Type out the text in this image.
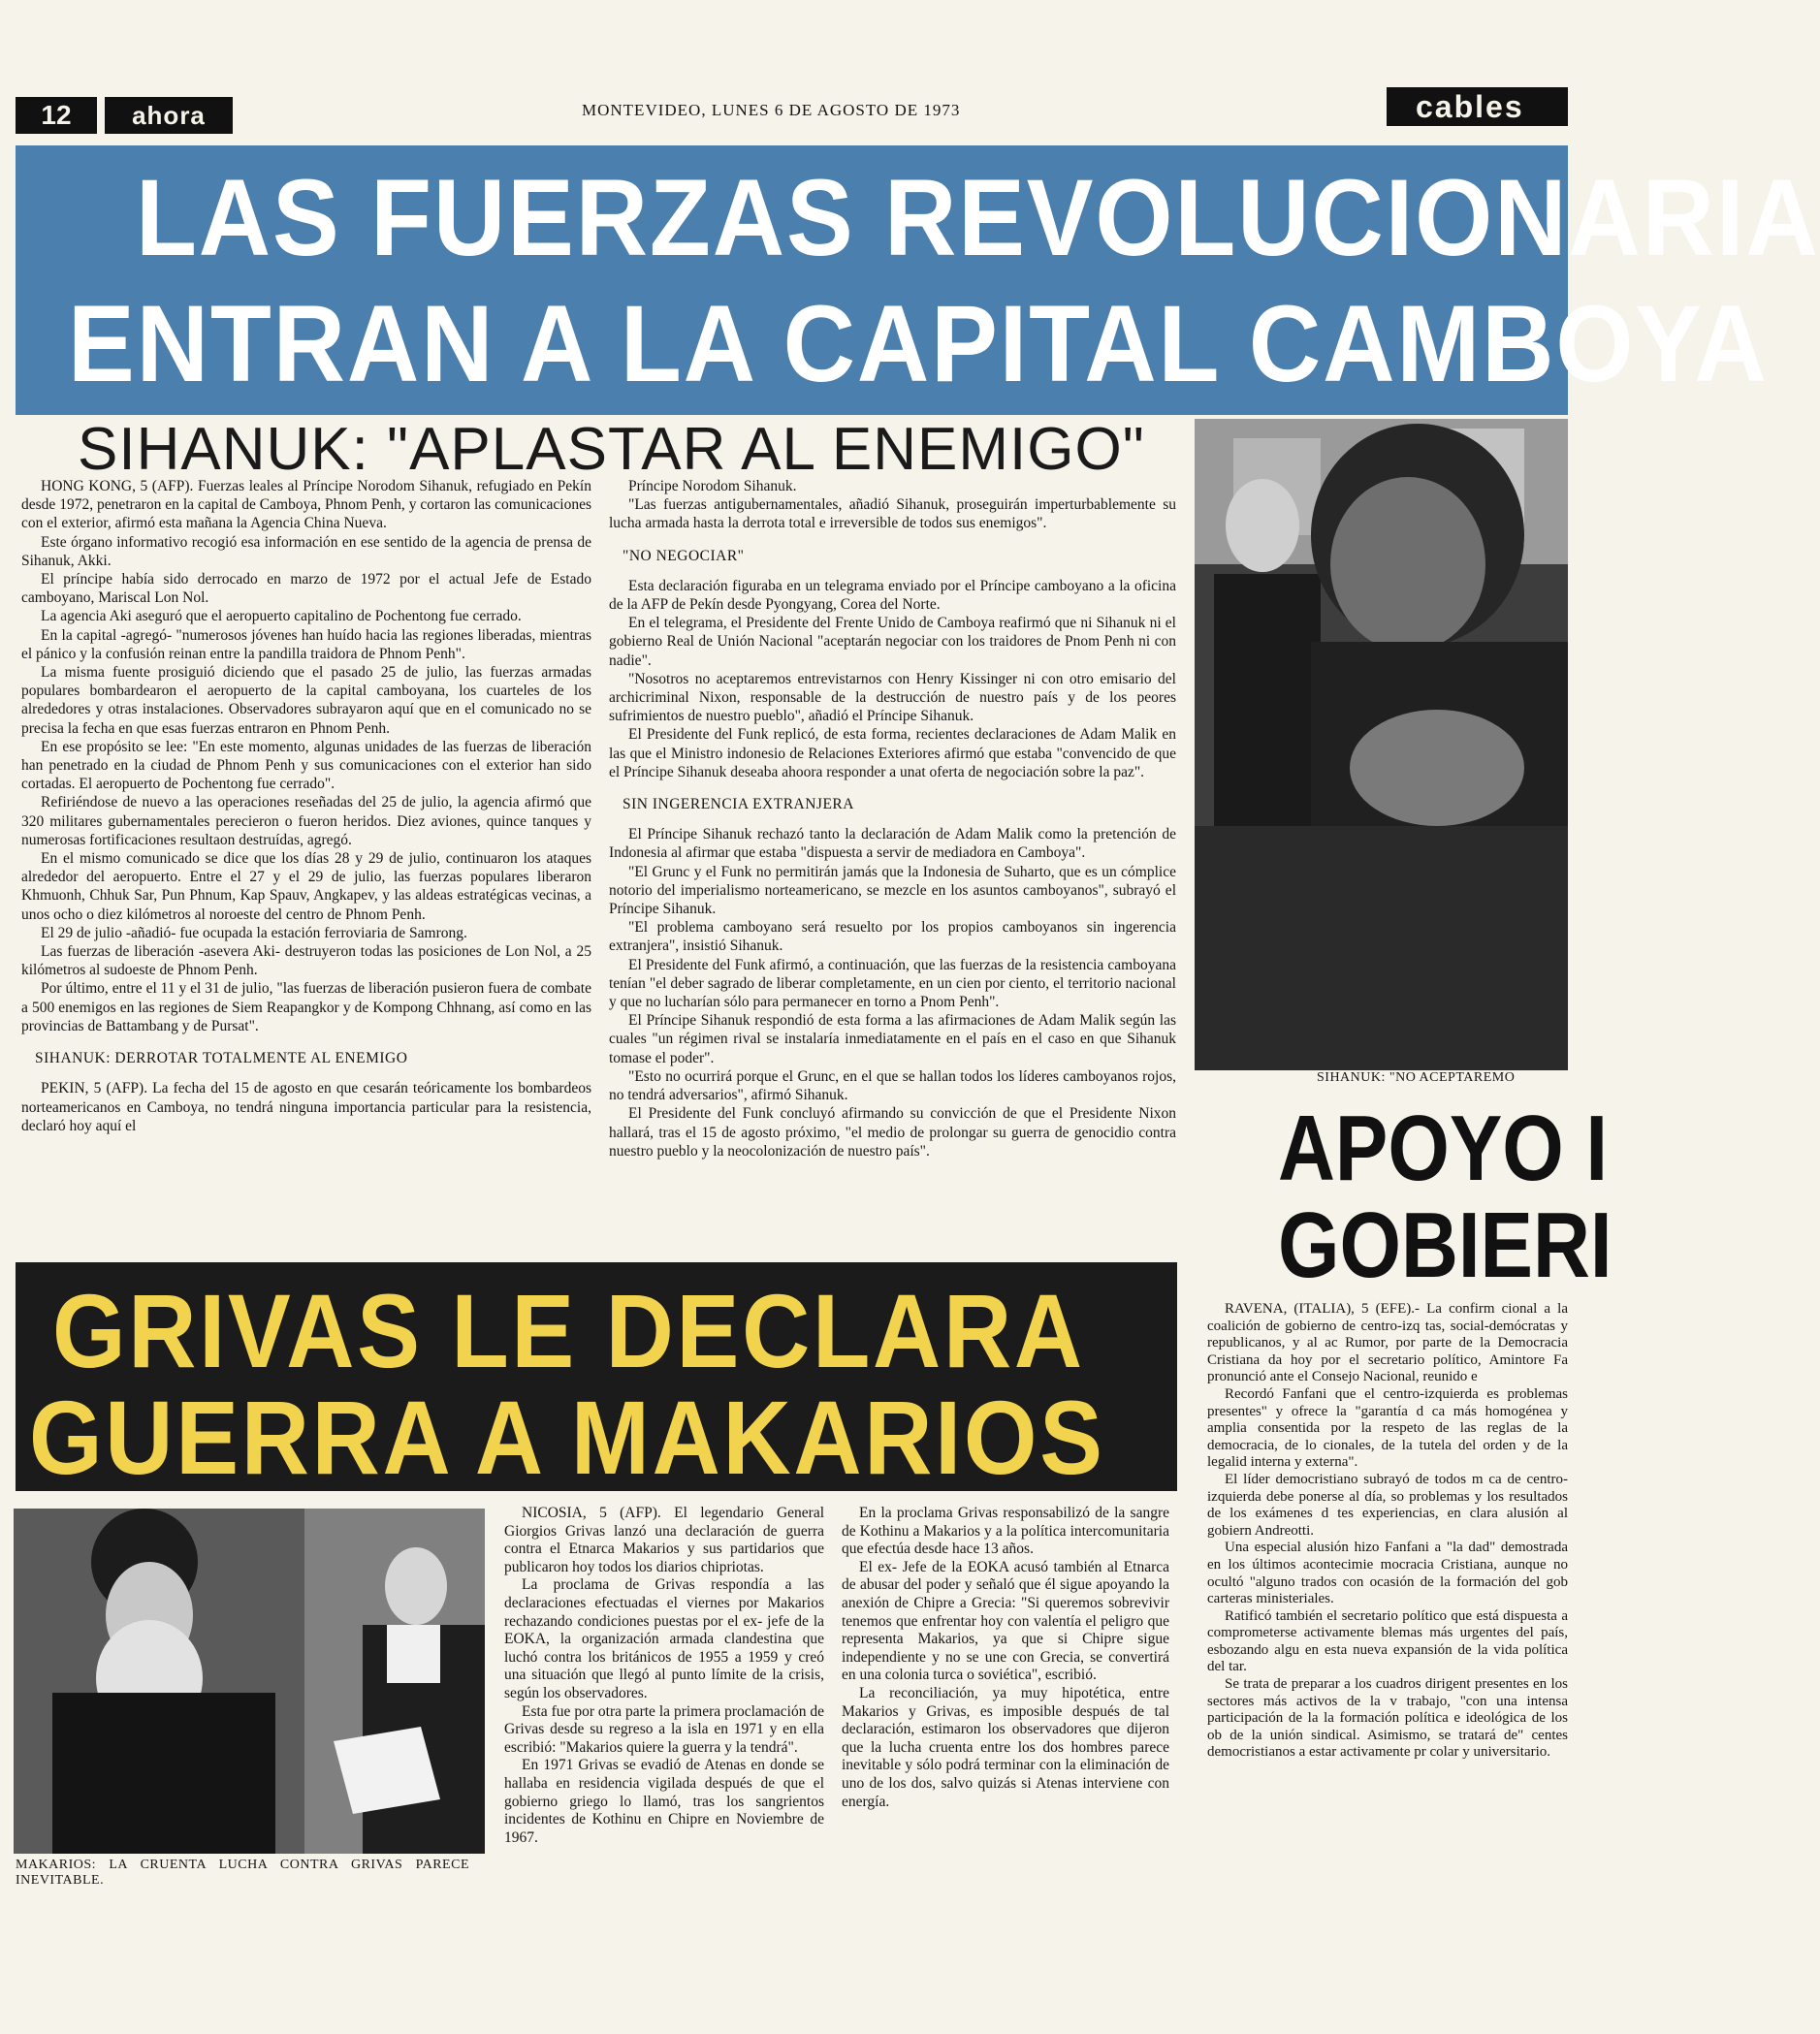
12	ahora	MONTEVIDEO, LUNES 6 DE AGOSTO DE 1973	cables
LAS FUERZAS REVOLUCIONARIA
ENTRAN A LA CAPITAL CAMBOYA
SIHANUK: "APLASTAR AL ENEMIGO"

HONG KONG, 5 (AFP). Fuerzas leales al Príncipe Norodom Sihanuk, refugiado en Pekín desde 1972, penetraron en la capital de Camboya, Phnom Penh, y cortaron las comunicaciones con el exterior, afirmó esta mañana la Agencia China Nueva.

Este órgano informativo recogió esa información en ese sentido de la agencia de prensa de Sihanuk, Akki.

El príncipe había sido derrocado en marzo de 1972 por el actual Jefe de Estado camboyano, Mariscal Lon Nol.

La agencia Aki aseguró que el aeropuerto capitalino de Pochentong fue cerrado.

En la capital -agregó- "numerosos jóvenes han huído hacia las regiones liberadas, mientras el pánico y la confusión reinan entre la pandilla traidora de Phnom Penh".

La misma fuente prosiguió diciendo que el pasado 25 de julio, las fuerzas armadas populares bombardearon el aeropuerto de la capital camboyana, los cuarteles de los alrededores y otras instalaciones. Observadores subrayaron aquí que en el comunicado no se precisa la fecha en que esas fuerzas entraron en Phnom Penh.

En ese propósito se lee: "En este momento, algunas unidades de las fuerzas de liberación han penetrado en la ciudad de Phnom Penh y sus comunicaciones con el exterior han sido cortadas. El aeropuerto de Pochentong fue cerrado".

Refiriéndose de nuevo a las operaciones reseñadas del 25 de julio, la agencia afirmó que 320 militares gubernamentales perecieron o fueron heridos. Diez aviones, quince tanques y numerosas fortificaciones resultaon destruídas, agregó.

En el mismo comunicado se dice que los días 28 y 29 de julio, continuaron los ataques alrededor del aeropuerto. Entre el 27 y el 29 de julio, las fuerzas populares liberaron Khmuonh, Chhuk Sar, Pun Phnum, Kap Spauv, Angkapev, y las aldeas estratégicas vecinas, a unos ocho o diez kilómetros al noroeste del centro de Phnom Penh.

El 29 de julio -añadió- fue ocupada la estación ferroviaria de Samrong.

Las fuerzas de liberación -asevera Aki- destruyeron todas las posiciones de Lon Nol, a 25 kilómetros al sudoeste de Phnom Penh.

Por último, entre el 11 y el 31 de julio, "las fuerzas de liberación pusieron fuera de combate a 500 enemigos en las regiones de Siem Reapangkor y de Kompong Chhnang, así como en las provincias de Battambang y de Pursat".

SIHANUK: DERROTAR TOTALMENTE AL ENEMIGO

PEKIN, 5 (AFP). La fecha del 15 de agosto en que cesarán teóricamente los bombardeos norteamericanos en Camboya, no tendrá ninguna importancia particular para la resistencia, declaró hoy aquí el

Príncipe Norodom Sihanuk.

"Las fuerzas antigubernamentales, añadió Sihanuk, proseguirán imperturbablemente su lucha armada hasta la derrota total e irreversible de todos sus enemigos".

"NO NEGOCIAR"

Esta declaración figuraba en un telegrama enviado por el Príncipe camboyano a la oficina de la AFP de Pekín desde Pyongyang, Corea del Norte.

En el telegrama, el Presidente del Frente Unido de Camboya reafirmó que ni Sihanuk ni el gobierno Real de Unión Nacional "aceptarán negociar con los traidores de Pnom Penh ni con nadie".

"Nosotros no aceptaremos entrevistarnos con Henry Kissinger ni con otro emisario del archicriminal Nixon, responsable de la destrucción de nuestro país y de los peores sufrimientos de nuestro pueblo", añadió el Príncipe Sihanuk.

El Presidente del Funk replicó, de esta forma, recientes declaraciones de Adam Malik en las que el Ministro indonesio de Relaciones Exteriores afirmó que estaba "convencido de que el Príncipe Sihanuk deseaba ahoora responder a unat oferta de negociación sobre la paz".

SIN INGERENCIA EXTRANJERA

El Príncipe Sihanuk rechazó tanto la declaración de Adam Malik como la pretención de Indonesia al afirmar que estaba "dispuesta a servir de mediadora en Camboya".

"El Grunc y el Funk no permitirán jamás que la Indonesia de Suharto, que es un cómplice notorio del imperialismo norteamericano, se mezcle en los asuntos camboyanos", subrayó el Príncipe Sihanuk.

"El problema camboyano será resuelto por los propios camboyanos sin ingerencia extranjera", insistió Sihanuk.

El Presidente del Funk afirmó, a continuación, que las fuerzas de la resistencia camboyana tenían "el deber sagrado de liberar completamente, en un cien por ciento, el territorio nacional y que no lucharían sólo para permanecer en torno a Pnom Penh".

El Príncipe Sihanuk respondió de esta forma a las afirmaciones de Adam Malik según las cuales "un régimen rival se instalaría inmediatamente en el país en el caso en que Sihanuk tomase el poder".

"Esto no ocurrirá porque el Grunc, en el que se hallan todos los líderes camboyanos rojos, no tendrá adversarios", afirmó Sihanuk.

El Presidente del Funk concluyó afirmando su convicción de que el Presidente Nixon hallará, tras el 15 de agosto próximo, "el medio de prolongar su guerra de genocidio contra nuestro pueblo y la neocolonización de nuestro país".

SIHANUK: "NO ACEPTAREMO
APOYO I
GOBIERI

RAVENA, (ITALIA), 5 (EFE).- La confirm cional a la coalición de gobierno de centro-izq tas, social-demócratas y republicanos, y al ac Rumor, por parte de la Democracia Cristiana da hoy por el secretario político, Amintore Fa pronunció ante el Consejo Nacional, reunido e

Recordó Fanfani que el centro-izquierda es problemas presentes" y ofrece la "garantía d ca más homogénea y amplia consentida por la respeto de las reglas de la democracia, de lo cionales, de la tutela del orden y de la legalid interna y externa".

El líder democristiano subrayó de todos m ca de centro-izquierda debe ponerse al día, so problemas y los resultados de los exámenes d tes experiencias, en clara alusión al gobiern Andreotti.

Una especial alusión hizo Fanfani a "la dad" demostrada en los últimos acontecimie mocracia Cristiana, aunque no ocultó "alguno trados con ocasión de la formación del gob carteras ministeriales.

Ratificó también el secretario político que está dispuesta a comprometerse activamente blemas más urgentes del país, esbozando algu en esta nueva expansión de la vida política del tar.

Se trata de preparar a los cuadros dirigent presentes en los sectores más activos de la v trabajo, "con una intensa participación de la la formación política e ideológica de los ob de la unión sindical. Asimismo, se tratará de" centes democristianos a estar activamente pr colar y universitario.

GRIVAS LE DECLARA
GUERRA A MAKARIOS
MAKARIOS: LA CRUENTA LUCHA CONTRA GRIVAS PARECE INEVITABLE.

NICOSIA, 5 (AFP). El legendario General Giorgios Grivas lanzó una declaración de guerra contra el Etnarca Makarios y sus partidarios que publicaron hoy todos los diarios chipriotas.

La proclama de Grivas respondía a las declaraciones efectuadas el viernes por Makarios rechazando condiciones puestas por el ex- jefe de la EOKA, la organización armada clandestina que luchó contra los británicos de 1955 a 1959 y creó una situación que llegó al punto límite de la crisis, según los observadores.

Esta fue por otra parte la primera proclamación de Grivas desde su regreso a la isla en 1971 y en ella escribió: "Makarios quiere la guerra y la tendrá".

En 1971 Grivas se evadió de Atenas en donde se hallaba en residencia vigilada después de que el gobierno griego lo llamó, tras los sangrientos incidentes de Kothinu en Chipre en Noviembre de 1967.

En la proclama Grivas responsabilizó de la sangre de Kothinu a Makarios y a la política intercomunitaria que efectúa desde hace 13 años.

El ex- Jefe de la EOKA acusó también al Etnarca de abusar del poder y señaló que él sigue apoyando la anexión de Chipre a Grecia: "Si queremos sobrevivir tenemos que enfrentar hoy con valentía el peligro que representa Makarios, ya que si Chipre sigue independiente y no se une con Grecia, se convertirá en una colonia turca o soviética", escribió.

La reconciliación, ya muy hipotética, entre Makarios y Grivas, es imposible después de tal declaración, estimaron los observadores que dijeron que la lucha cruenta entre los dos hombres parece inevitable y sólo podrá terminar con la eliminación de uno de los dos, salvo quizás si Atenas interviene con energía.
